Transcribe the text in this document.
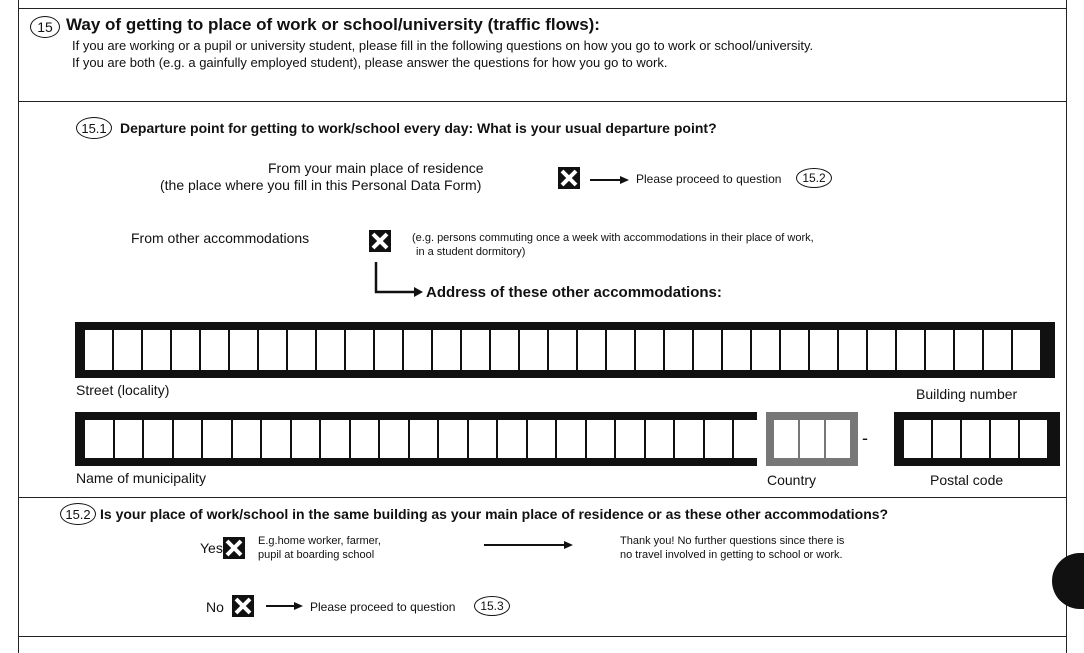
15 Way of getting to place of work or school/university (traffic flows):
If you are working or a pupil or university student, please fill in the following questions on how you go to work or school/university.
If you are both (e.g. a gainfully employed student), please answer the questions for how you go to work.
15.1 Departure point for getting to work/school every day: What is your usual departure point?
From your main place of residence
(the place where you fill in this Personal Data Form)	Please proceed to question 15.2
From other accommodations	(e.g. persons commuting once a week with accommodations in their place of work,
in a student dormitory)
Address of these other accommodations:
Street (locality)	Building number
Name of municipality
-
Country	Postal code
15.2 Is your place of work/school in the same building as your main place of residence or as these other accommodations?
Yes	E.g.home worker, farmer,
pupil at boarding school
Thank you! No further questions since there is
no travel involved in getting to school or work.
No	Please proceed to question 15.3
